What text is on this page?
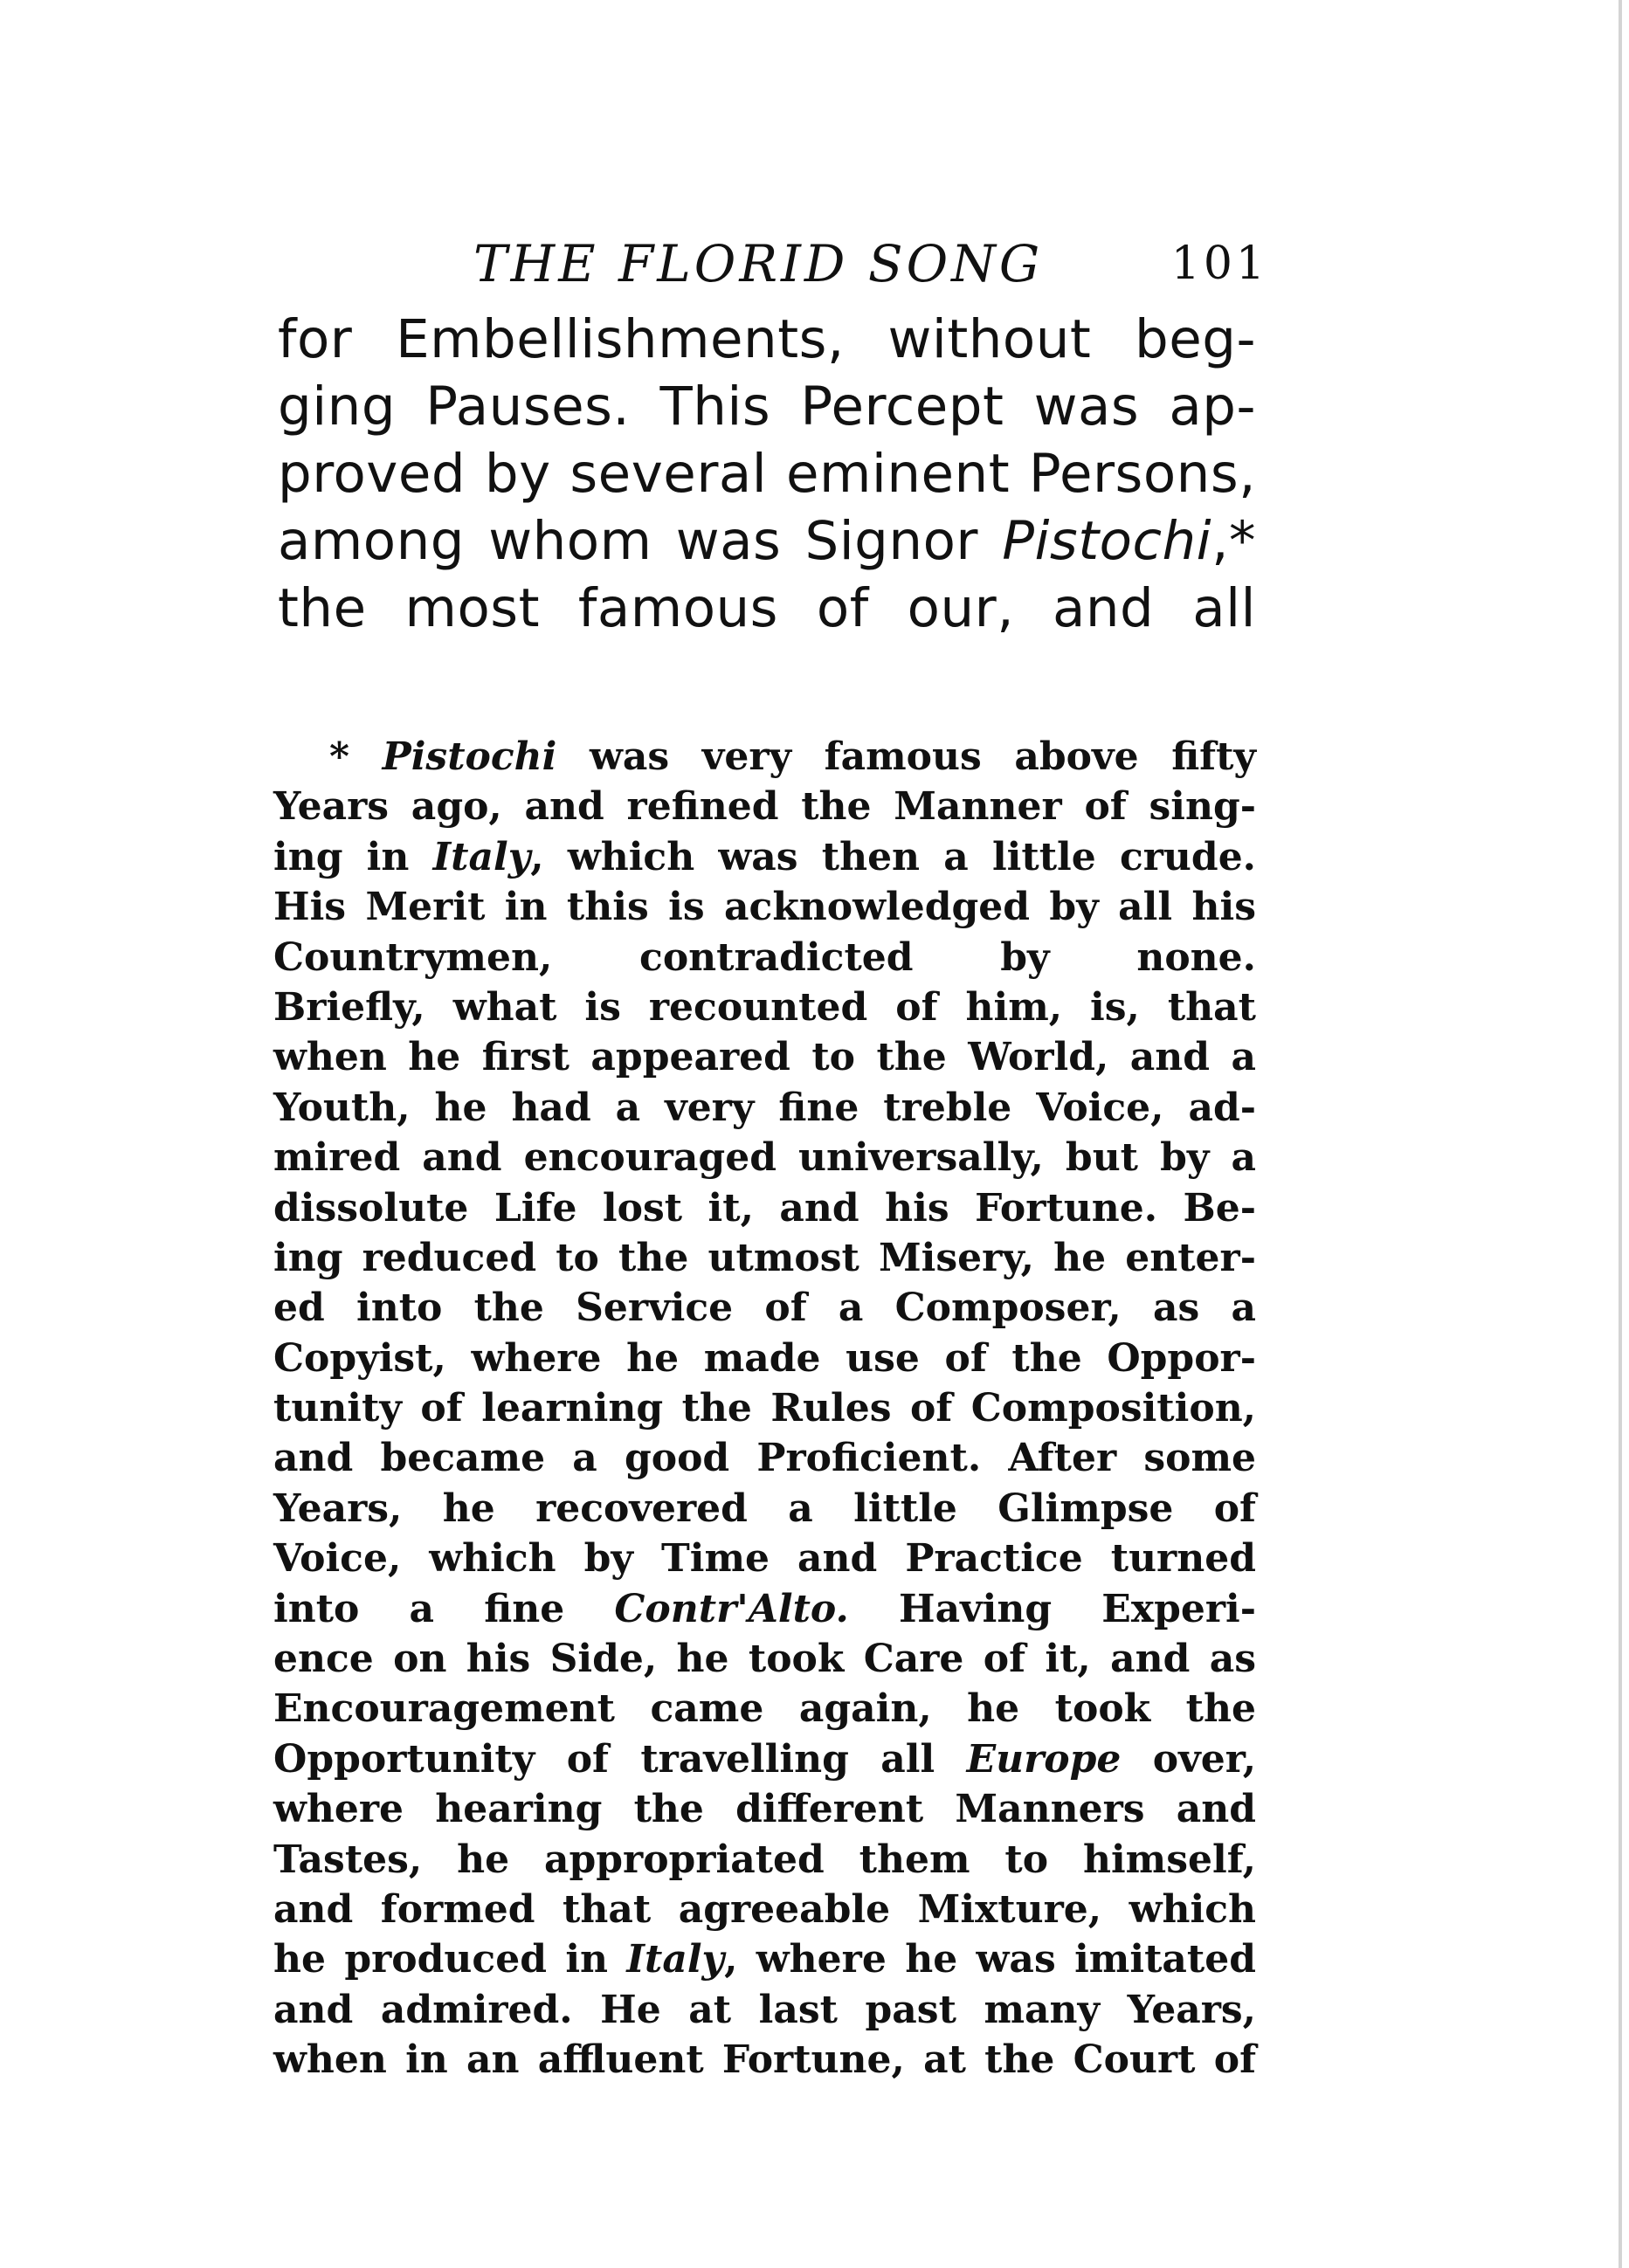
THE FLORID SONG	101
for Embellishments, without beg-
ging Pauses. This Percept was ap-
proved by several eminent Persons,
among whom was Signor Pistochi,*
the most famous of our, and all
* Pistochi was very famous above fifty
Years ago, and refined the Manner of sing-
ing in Italy, which was then a little crude.
His Merit in this is acknowledged by all his
Countrymen, contradicted by none.
Briefly, what is recounted of him, is, that
when he first appeared to the World, and a
Youth, he had a very fine treble Voice, ad-
mired and encouraged universally, but by a
dissolute Life lost it, and his Fortune. Be-
ing reduced to the utmost Misery, he enter-
ed into the Service of a Composer, as a
Copyist, where he made use of the Oppor-
tunity of learning the Rules of Composition,
and became a good Proficient. After some
Years, he recovered a little Glimpse of
Voice, which by Time and Practice turned
into a fine Contr'Alto. Having Experi-
ence on his Side, he took Care of it, and as
Encouragement came again, he took the
Opportunity of travelling all Europe over,
where hearing the different Manners and
Tastes, he appropriated them to himself,
and formed that agreeable Mixture, which
he produced in Italy, where he was imitated
and admired. He at last past many Years,
when in an affluent Fortune, at the Court of
